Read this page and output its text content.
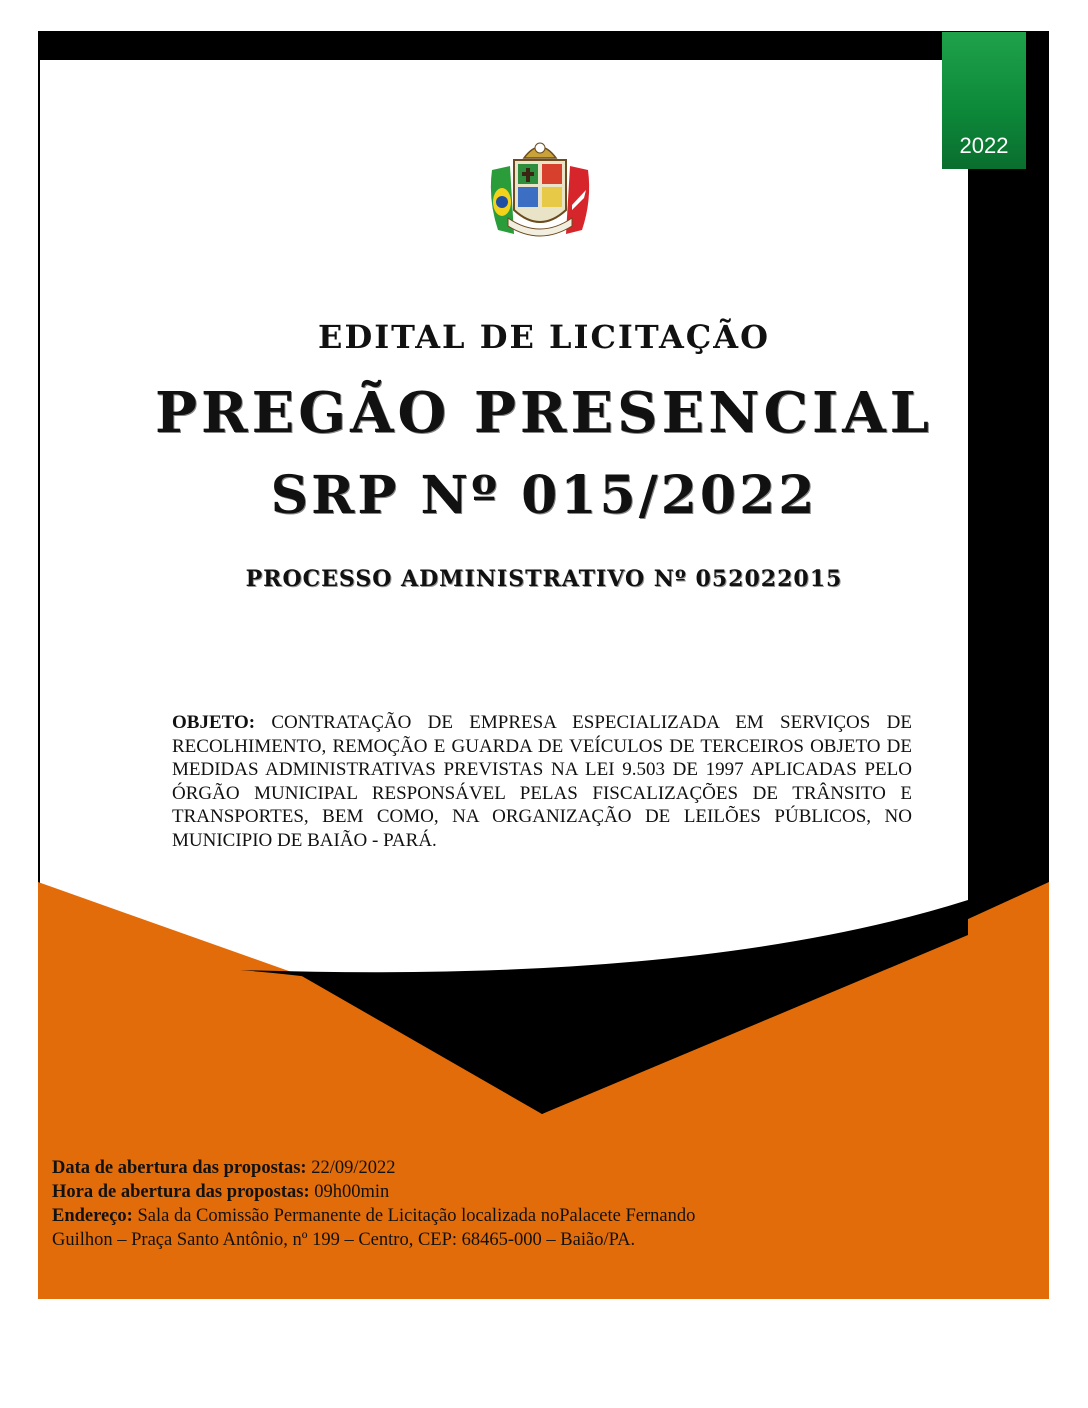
2022
EDITAL DE LICITAÇÃO
PREGÃO PRESENCIAL
SRP Nº 015/2022
PROCESSO ADMINISTRATIVO Nº 052022015
OBJETO: CONTRATAÇÃO DE EMPRESA ESPECIALIZADA EM SERVIÇOS DE RECOLHIMENTO, REMOÇÃO E GUARDA DE VEÍCULOS DE TERCEIROS OBJETO DE MEDIDAS ADMINISTRATIVAS PREVISTAS NA LEI 9.503 DE 1997 APLICADAS PELO ÓRGÃO MUNICIPAL RESPONSÁVEL PELAS FISCALIZAÇÕES DE TRÂNSITO E TRANSPORTES, BEM COMO, NA ORGANIZAÇÃO DE LEILÕES PÚBLICOS, NO MUNICIPIO DE BAIÃO - PARÁ.
Data de abertura das propostas: 22/09/2022
Hora de abertura das propostas: 09h00min
Endereço: Sala da Comissão Permanente de Licitação localizada noPalacete Fernando Guilhon – Praça Santo Antônio, nº 199 – Centro, CEP: 68465-000 – Baião/PA.
